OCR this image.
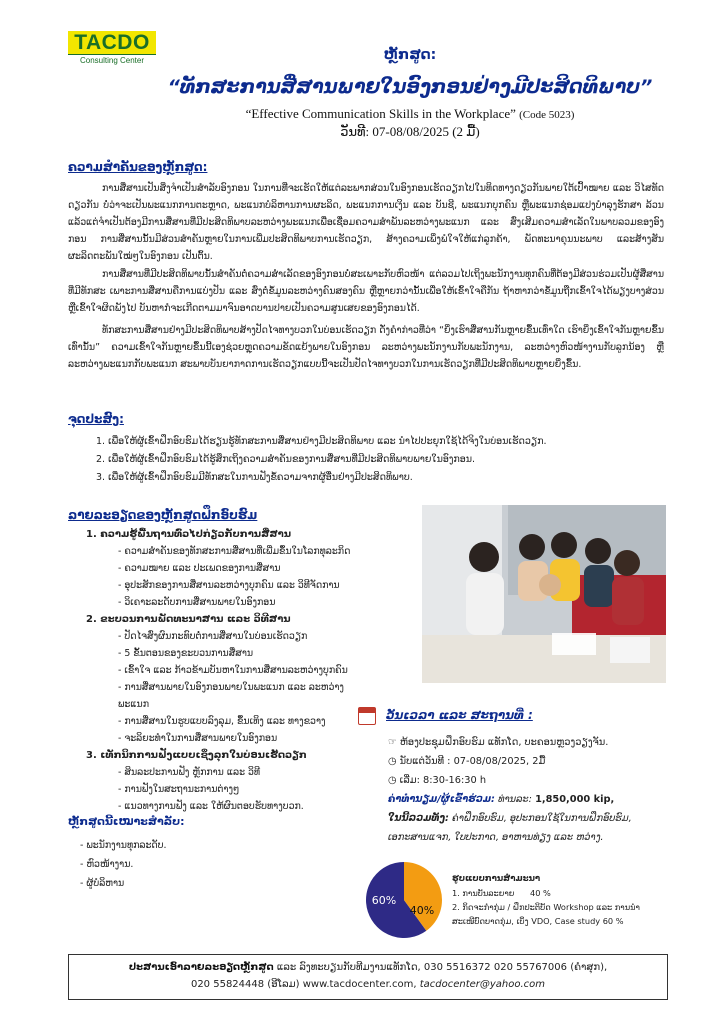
TACDO
Consulting Center	ຫຼັກສູດ:
“ທັກສະການສື່ສານພາຍໃນອົງກອນຢ່າງມີປະສິດທິພາບ”
“Effective Communication Skills in the Workplace” (Code 5023)
ວັນທີ: 07-08/08/2025 (2 ມື້)
ຄວາມສຳຄັນຂອງຫຼັກສູດ:
ການສື່ສານເປັນສິ່ງຈຳເປັນສຳລັບອົງກອນ ໃນການທີ່ຈະເຮັດໃຫ້ແຕ່ລະພາກສ່ວນໃນອົງກອນເຮັດວຽກໄປໃນທິດທາງດຽວກັນພາຍໃຕ້ເປົ້າໝາຍ ແລະ ວິໄສທັດດຽວກັນ ບໍ່ວ່າຈະເປັນພະແນກການຕະຫຼາດ, ພະແນກບໍລິຫານການຜະລິດ, ພະແນກການເງິນ ແລະ ບັນຊີ, ພະແນກບຸກຄົນ ຫຼືພະແນກຊ່ອມແປງບຳລຸງຮັກສາ ລ້ວນແລ້ວແຕ່ຈຳເປັນຕ້ອງມີການສື່ສານທີ່ມີປະສິດທິພາບລະຫວ່າງພະແນກເພື່ອເຊື່ອມຄວາມສຳພັນລະຫວ່າງພະແນກ ແລະ ສົ່ງເສີມຄວາມສຳເລັດໃນພາບລວມຂອງອົງກອນ ການສື່ສານນັ້ນມີສ່ວນສຳຄັນຫຼາຍໃນການເພີ່ມປະສິດທິພາບການເຮັດວຽກ, ສ້າງຄວາມເພິ່ງພໍໃຈໃຫ້ແກ່ລູກຄ້າ, ພັດທະນາຄຸນນະພາບ ແລະສ້າງສັນຜະລິດຕະພັນໃໝ່ໆໃນອົງກອນ ເປັນຕົ້ນ.
ການສື່ສານທີ່ມີປະສິດທິພາບນັ້ນສຳຄັນຕໍ່ຄວາມສຳເລັດຂອງອົງກອນບໍ່ສະເພາະກັບຫົວໜ້າ ແຕ່ລວມໄປເຖິງພະນັກງານທຸກຄົນທີ່ຕ້ອງມີສ່ວນຮ່ວມເປັນຜູ້ສື່ສານທີ່ມີທັກສະ ເພາະການສື່ສານຄືການແບ່ງປັນ ແລະ ສົ່ງຕໍ່ຂໍ້ມູນລະຫວ່າງຄົນສອງຄົນ ຫຼືຫຼາຍກວ່ານັ້ນເພື່ອໃຫ້ເຂົ້າໃຈຄືກັນ ຖ້າຫາກວ່າຂໍ້ມູນຖືກເຂົ້າໃຈໄດ້ພຽງບາງສ່ວນ ຫຼືເຂົ້າໃຈຜິດພັງໄປ ບັນຫາກໍຈະເກີດຕາມມາຈົນອາດບານປາຍເປັນຄວາມສູນເສຍຂອງອົງກອນໄດ້.
ທັກສະການສື່ສານຢ່າງມີປະສິດທິພາບສ້າງປັດໄຈທາງບວກໃນບ່ອນເຮັດວຽກ ດັ່ງຄຳກ່າວທີ່ວ່າ “ຍິ່ງເຮົາສື່ສານກັນຫຼາຍຂຶ້ນເທົ່າໃດ ເຮົາຍິ່ງເຂົ້າໃຈກັນຫຼາຍຂຶ້ນເທົ່ານັ້ນ” ຄວາມເຂົ້າໃຈກັນຫຼາຍຂຶ້ນນີ້ເອງຊ່ວຍຫຼຸດຄວາມຂັດແຍ້ງພາຍໃນອົງກອນ ລະຫວ່າງພະນັກງານກັບພະນັກງານ, ລະຫວ່າງຫົວໜ້າງານກັບລູກນ້ອງ ຫຼື ລະຫວ່າງພະແນກກັບພະແນກ ສະພາບບັນຍາກາດການເຮັດວຽກແບບນີ້ຈະເປັນປັດໄຈທາງບວກໃນການເຮັດວຽກທີ່ມີປະສິດທິພາບຫຼາຍຍິ່ງຂຶ້ນ.
ຈຸດປະສົງ:
1. ເພື່ອໃຫ້ຜູ້ເຂົ້າຝຶກອົບຮົມໄດ້ຮຽນຮູ້ທັກສະການສື່ສານຢ່າງມີປະສິດທິພາບ ແລະ ນຳໄປປະຍຸກໃຊ້ໄດ້ຈິງໃນບ່ອນເຮັດວຽກ.
2. ເພື່ອໃຫ້ຜູ້ເຂົ້າຝຶກອົບຮົມໄດ້ຮູ້ສຶກເຖິງຄວາມສຳຄັນຂອງການສື່ສານທີ່ມີປະສິດທິພາບພາຍໃນອົງກອນ.
3. ເພື່ອໃຫ້ຜູ້ເຂົ້າຝຶກອົບຮົມມີທັກສະໃນການຟັງຂໍ້ຄວາມຈາກຜູ້ອື່ນຢ່າງມີປະສິດທິພາບ.
ລາຍລະອຽດຂອງຫຼັກສູດຝຶກອົບຮົມ
1. ຄວາມຮູ້ພື້ນຖານທົ່ວໄປກ່ຽວກັບການສື່ສານ
- ຄວາມສຳຄັນຂອງທັກສະການສື່ສານທີ່ເພີ່ມຂຶ້ນໃນໂລກທຸລະກິດ
- ຄວາມໝາຍ ແລະ ປະເພດຂອງການສື່ສານ
- ອຸປະສັກຂອງການສື່ສານລະຫວ່າງບຸກຄົນ ແລະ ວິທີຈັດການ
- ວິເຄາະລະດັບການສື່ສານພາຍໃນອົງກອນ
2. ຂະບວນການພັດທະນາສານ ແລະ ວິທີສານ
- ປັດໄຈສົ່ງຜົນກະທົບຕໍ່ການສື່ສານໃນບ່ອນເຮັດວຽກ
- 5 ຂັ້ນຕອນຂອງຂະບວນການສື່ສານ
- ເຂົ້າໃຈ ແລະ ກ້າວຂ້າມບັນຫາໃນການສື່ສານລະຫວ່າງບຸກຄົນ
- ການສື່ສານພາຍໃນອົງກອນພາຍໃນພະແນກ ແລະ ລະຫວ່າງພະແນກ
- ການສື່ສານໃນຮູບແບບລົງລຸມ, ຂຶ້ນເທິງ ແລະ ທາງຂວາງ
- ຈະລິຍະທຳໃນການສື່ສານພາຍໃນອົງກອນ
3. ເທັກນິກການຟັງແບບເຊິ່ງລຸກໃນບ່ອນເຮັດວຽກ
- ສິນລະປະການຟັງ ຫຼັກການ ແລະ ວິທີ
- ການຟັງໃນສະຖານະການຕ່າງໆ
- ແນວທາງການຟັງ ແລະ ໃຫ້ຜົນຕອບຮັບທາງບວກ.
ວັນເວລາ ແລະ ສະຖານທີ່ :
☞ ຫ້ອງປະຊຸມຝຶກອົບຮົມ ແທັກໂດ, ບະຄອນຫຼວງວຽງຈັນ.
◷ ນັບແຕ່ວັນທີ : 07-08/08/2025, 2ມື້
◷ ເລີ່ມ: 8:30-16:30 h
ຄ່າທຳນຽມ/ຜູ້ເຂົ້າຮ່ວມ: ທ່ານລະ: 1,850,000 kip,
ໃນນີ້ລວມທັງ: ຄ່າຝຶກອົບຮົມ, ອຸປະກອນໃຊ້ໃນການຝຶກອົບຮົມ,
ເອກະສານແຈກ, ໃບປະກາດ, ອາຫານທ່ຽງ ແລະ ຫວ່າງ.
ຫຼັກສູດນີ້ເໝາະສຳລັບ:
- ພະນັກງານທຸກລະດັບ.
- ຫົວໜ້າງານ.
- ຜູ້ບໍລິຫານ
60%
40%
ຮູບແບບການສຳມະນາ
1. ການບັນລະຍາຍ      40 %
2. ກິດຈະກຳກຸ່ມ / ຝຶກປະຕິບັດ Workshop ແລະ ການນຳ
ສະເໜີບົດບາດກຸ່ມ, ເບິ່ງ VDO, Case study 60 %
ປະສານເອົາລາຍລະອຽດຫຼັກສູດ ແລະ ລົງທະບຽນກັບທີມງານແທັກໂດ, 030 5516372 020 55767006 (ຄຳສຸກ),
020 55824448 (ອີໂລມ) www.tacdocenter.com, tacdocenter@yahoo.com
